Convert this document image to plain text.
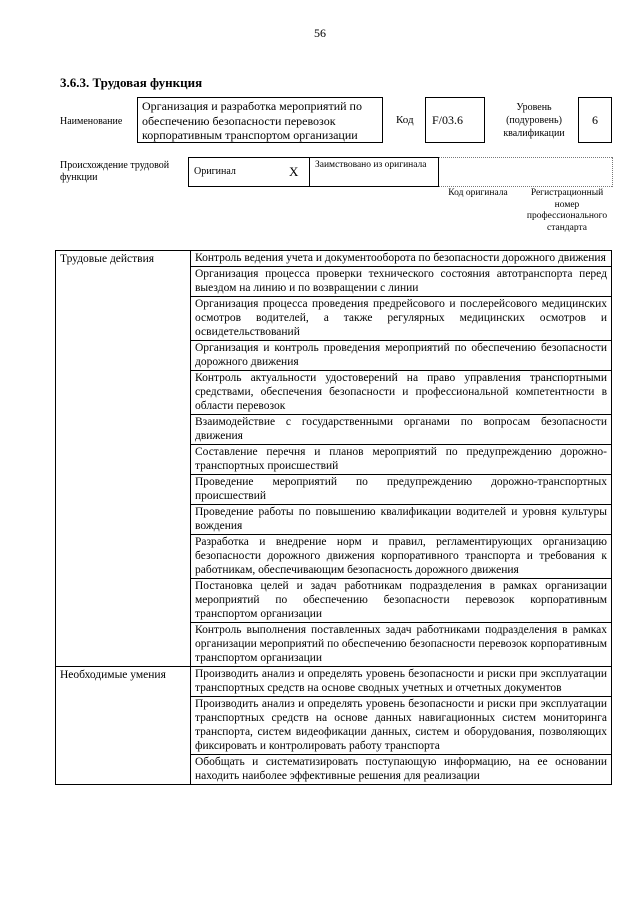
56
3.6.3. Трудовая функция
Наименование
Организация и разработка мероприятий по обеспечению безопасности перевозок корпоративным транспортом организации
Код	F/03.6
Уровень (подуровень) квалификации
6
Происхождение трудовой функции
Оригинал	X Заимствовано из оригинала
Код оригинала	Регистрационный номер профессионального стандарта
Трудовые действия	Контроль ведения учета и документооборота по безопасности дорожного движения
	Организация процесса проверки технического состояния автотранспорта перед выездом на линию и по возвращении с линии
	Организация процесса проведения предрейсового и послерейсового медицинских осмотров водителей, а также регулярных медицинских осмотров и освидетельствований
	Организация и контроль проведения мероприятий по обеспечению безопасности дорожного движения
	Контроль актуальности удостоверений на право управления транспортными средствами, обеспечения безопасности и профессиональной компетентности в области перевозок
	Взаимодействие с государственными органами по вопросам безопасности движения
	Составление перечня и планов мероприятий по предупреждению дорожно-транспортных происшествий
	Проведение мероприятий по предупреждению дорожно-транспортных происшествий
	Проведение работы по повышению квалификации водителей и уровня культуры вождения
	Разработка и внедрение норм и правил, регламентирующих организацию безопасности дорожного движения корпоративного транспорта и требования к работникам, обеспечивающим безопасность дорожного движения
	Постановка целей и задач работникам подразделения в рамках организации мероприятий по обеспечению безопасности перевозок корпоративным транспортом организации
	Контроль выполнения поставленных задач работниками подразделения в рамках организации мероприятий по обеспечению безопасности перевозок корпоративным транспортом организации
Необходимые умения	Производить анализ и определять уровень безопасности и риски при эксплуатации транспортных средств на основе сводных учетных и отчетных документов
	Производить анализ и определять уровень безопасности и риски при эксплуатации транспортных средств на основе данных навигационных систем мониторинга транспорта, систем видеофикации данных, систем и оборудования, позволяющих фиксировать и контролировать работу транспорта
	Обобщать и систематизировать поступающую информацию, на ее основании находить наиболее эффективные решения для реализации
